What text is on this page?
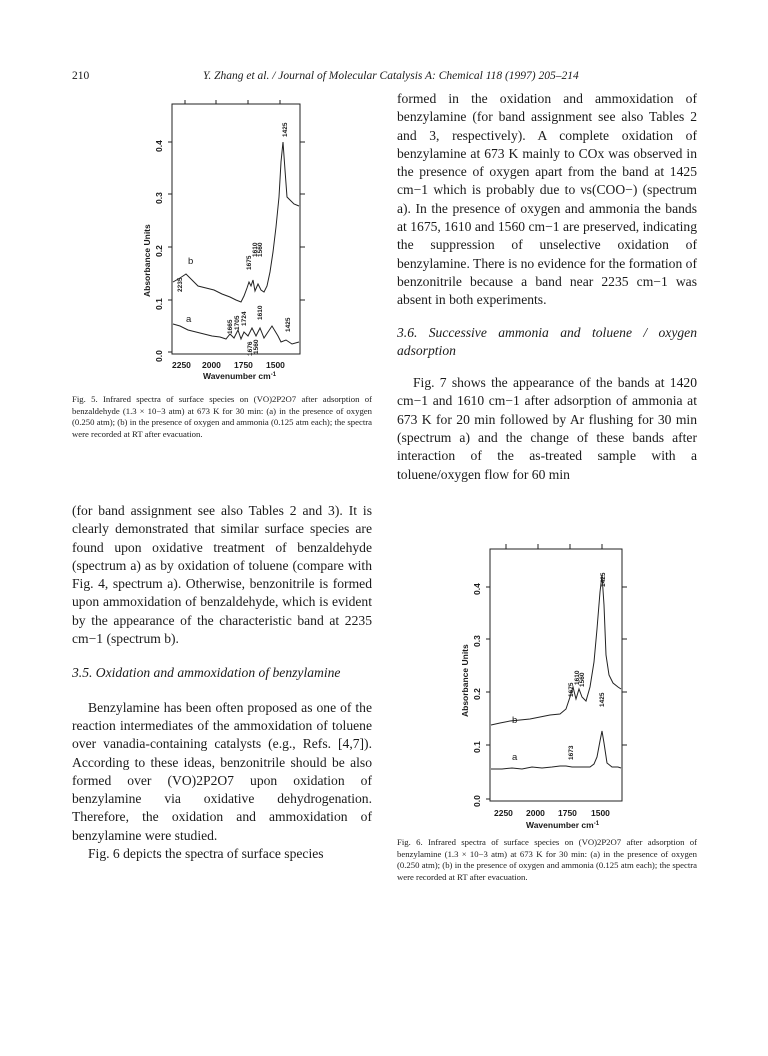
210	Y. Zhang et al. / Journal of Molecular Catalysis A: Chemical 118 (1997) 205–214
b
a
0.4
0.3
0.2
0.1
0.0
Absorbance Units
2250 2000 1750 1500
Wavenumber $cm^{-1}$
2235
1675
1610
1560
1425
1665 1705 1724 1610
1676 1560
1425
Fig. 5. Infrared spectra of surface species on (VO)2P2O7 after adsorption of benzaldehyde (1.3 × 10−3 atm) at 673 K for 30 min: (a) in the presence of oxygen (0.250 atm); (b) in the presence of oxygen and ammonia (0.125 atm each); the spectra were recorded at RT after evacuation.

(for band assignment see also Tables 2 and 3). It is clearly demonstrated that similar surface species are found upon oxidative treatment of benzaldehyde (spectrum a) as by oxidation of toluene (compare with Fig. 4, spectrum a). Otherwise, benzonitrile is formed upon ammoxidation of benzaldehyde, which is evident by the appearance of the characteristic band at 2235 cm−1 (spectrum b).

3.5. Oxidation and ammoxidation of benzylamine

Benzylamine has been often proposed as one of the reaction intermediates of the ammoxidation of toluene over vanadia-containing catalysts (e.g., Refs. [4,7]). According to these ideas, benzonitrile should be also formed over (VO)2P2O7 upon oxidation of benzylamine via oxidative dehydrogenation. Therefore, the oxidation and ammoxidation of benzylamine were studied.

Fig. 6 depicts the spectra of surface species

formed in the oxidation and ammoxidation of benzylamine (for band assignment see also Tables 2 and 3, respectively). A complete oxidation of benzylamine at 673 K mainly to COx was observed in the presence of oxygen apart from the band at 1425 cm−1 which is probably due to νs(COO−) (spectrum a). In the presence of oxygen and ammonia the bands at 1675, 1610 and 1560 cm−1 are preserved, indicating the suppression of unselective oxidation of benzylamine. There is no evidence for the formation of benzonitrile because a band near 2235 cm−1 was absent in both experiments.

3.6. Successive ammonia and toluene / oxygen adsorption

Fig. 7 shows the appearance of the bands at 1420 cm−1 and 1610 cm−1 after adsorption of ammonia at 673 K for 20 min followed by Ar flushing for 30 min (spectrum a) and the change of these bands after interaction of the as-treated sample with a toluene/oxygen flow for 60 min

b
a
0.4
0.3
0.2
0.1
0.0
Absorbance Units
2250 2000 1750 1500
Wavenumber $cm^{-1}$
1425
1675
1610
1560
1425
1673
Fig. 6. Infrared spectra of surface species on (VO)2P2O7 after adsorption of benzylamine (1.3 × 10−3 atm) at 673 K for 30 min: (a) in the presence of oxygen (0.250 atm); (b) in the presence of oxygen and ammonia (0.125 atm each); the spectra were recorded at RT after evacuation.
